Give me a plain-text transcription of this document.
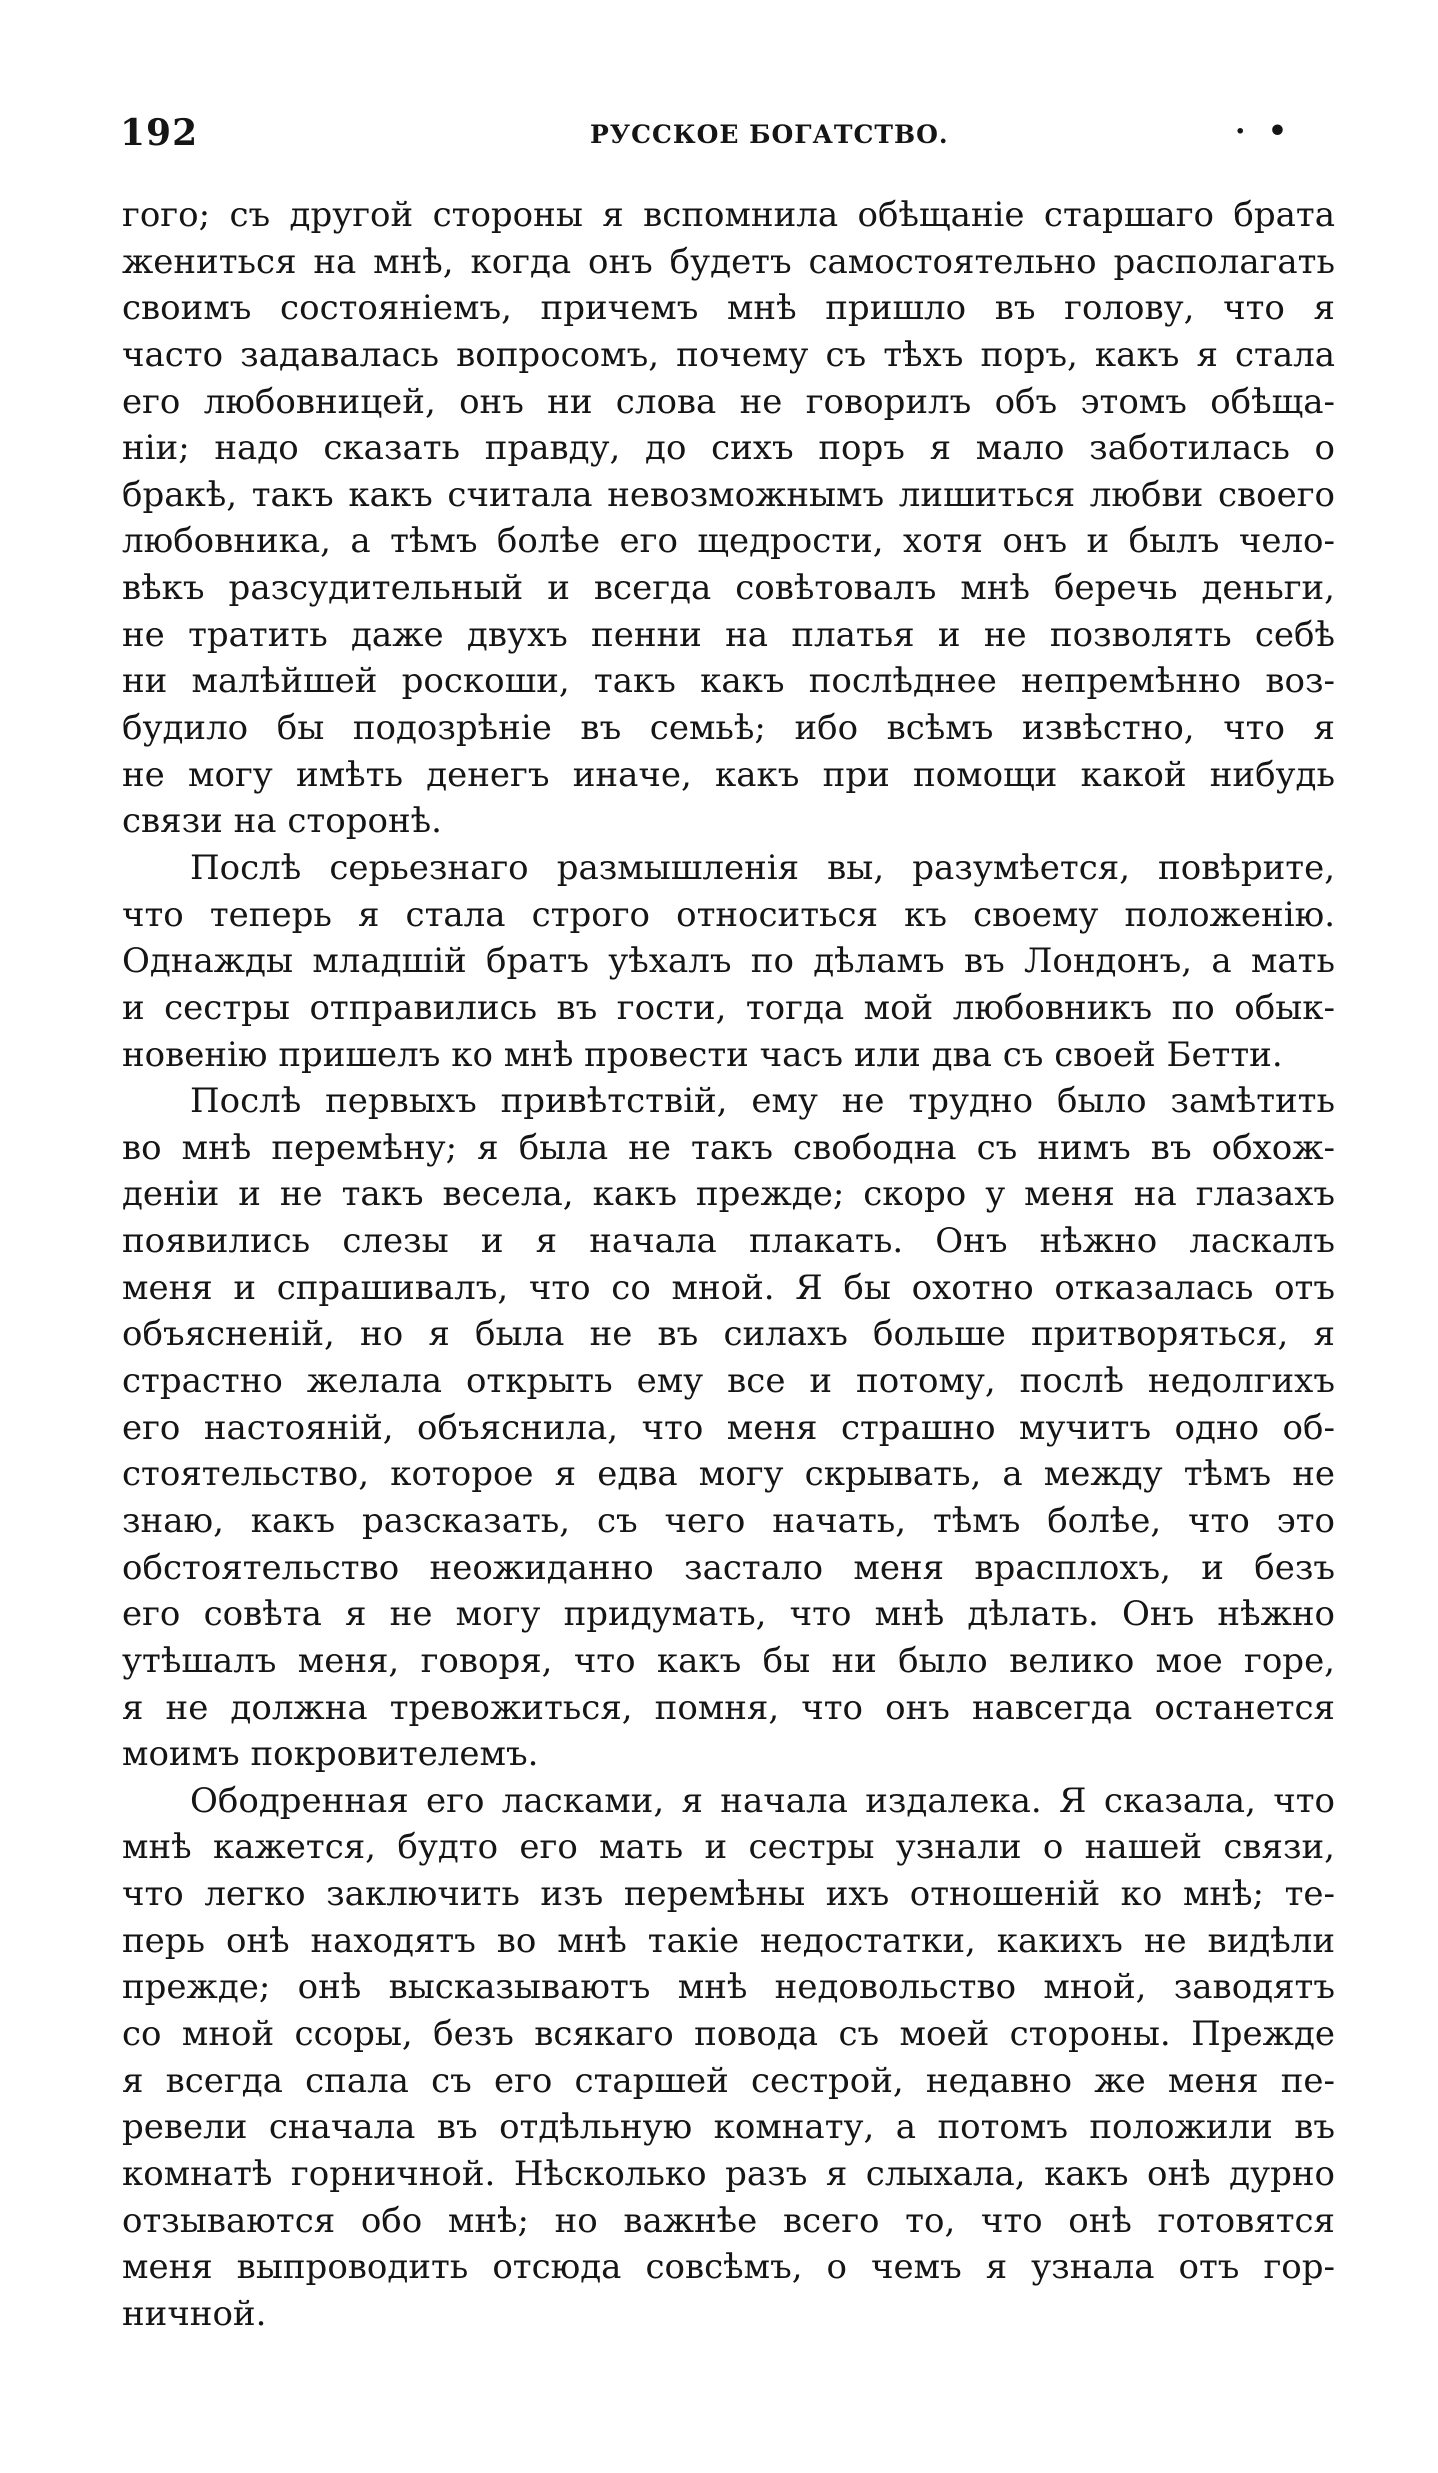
192	РУССКОЕ БОГАТСТВО.	· •
гого; съ другой стороны я вспомнила обѣщаніе старшаго брата
жениться на мнѣ, когда онъ будетъ самостоятельно располагать
своимъ состояніемъ, причемъ мнѣ пришло въ голову, что я
часто задавалась вопросомъ, почему съ тѣхъ поръ, какъ я стала
его любовницей, онъ ни слова не говорилъ объ этомъ обѣща-
ніи; надо сказать правду, до сихъ поръ я мало заботилась о
бракѣ, такъ какъ считала невозможнымъ лишиться любви своего
любовника, а тѣмъ болѣе его щедрости, хотя онъ и былъ чело-
вѣкъ разсудительный и всегда совѣтовалъ мнѣ беречь деньги,
не тратить даже двухъ пенни на платья и не позволять себѣ
ни малѣйшей роскоши, такъ какъ послѣднее непремѣнно воз-
будило бы подозрѣніе въ семьѣ; ибо всѣмъ извѣстно, что я
не могу имѣть денегъ иначе, какъ при помощи какой нибудь
связи на сторонѣ.
Послѣ серьезнаго размышленія вы, разумѣется, повѣрите,
что теперь я стала строго относиться къ своему положенію.
Однажды младшій братъ уѣхалъ по дѣламъ въ Лондонъ, а мать
и сестры отправились въ гости, тогда мой любовникъ по обык-
новенію пришелъ ко мнѣ провести часъ или два съ своей Бетти.
Послѣ первыхъ привѣтствій, ему не трудно было замѣтить
во мнѣ перемѣну; я была не такъ свободна съ нимъ въ обхож-
деніи и не такъ весела, какъ прежде; скоро у меня на глазахъ
появились слезы и я начала плакать. Онъ нѣжно ласкалъ
меня и спрашивалъ, что со мной. Я бы охотно отказалась отъ
объясненій, но я была не въ силахъ больше притворяться, я
страстно желала открыть ему все и потому, послѣ недолгихъ
его настояній, объяснила, что меня страшно мучитъ одно об-
стоятельство, которое я едва могу скрывать, а между тѣмъ не
знаю, какъ разсказать, съ чего начать, тѣмъ болѣе, что это
обстоятельство неожиданно застало меня врасплохъ, и безъ
его совѣта я не могу придумать, что мнѣ дѣлать. Онъ нѣжно
утѣшалъ меня, говоря, что какъ бы ни было велико мое горе,
я не должна тревожиться, помня, что онъ навсегда останется
моимъ покровителемъ.
Ободренная его ласками, я начала издалека. Я сказала, что
мнѣ кажется, будто его мать и сестры узнали о нашей связи,
что легко заключить изъ перемѣны ихъ отношеній ко мнѣ; те-
перь онѣ находятъ во мнѣ такіе недостатки, какихъ не видѣли
прежде; онѣ высказываютъ мнѣ недовольство мной, заводятъ
со мной ссоры, безъ всякаго повода съ моей стороны. Прежде
я всегда спала съ его старшей сестрой, недавно же меня пе-
ревели сначала въ отдѣльную комнату, а потомъ положили въ
комнатѣ горничной. Нѣсколько разъ я слыхала, какъ онѣ дурно
отзываются обо мнѣ; но важнѣе всего то, что онѣ готовятся
меня выпроводить отсюда совсѣмъ, о чемъ я узнала отъ гор-
ничной.
